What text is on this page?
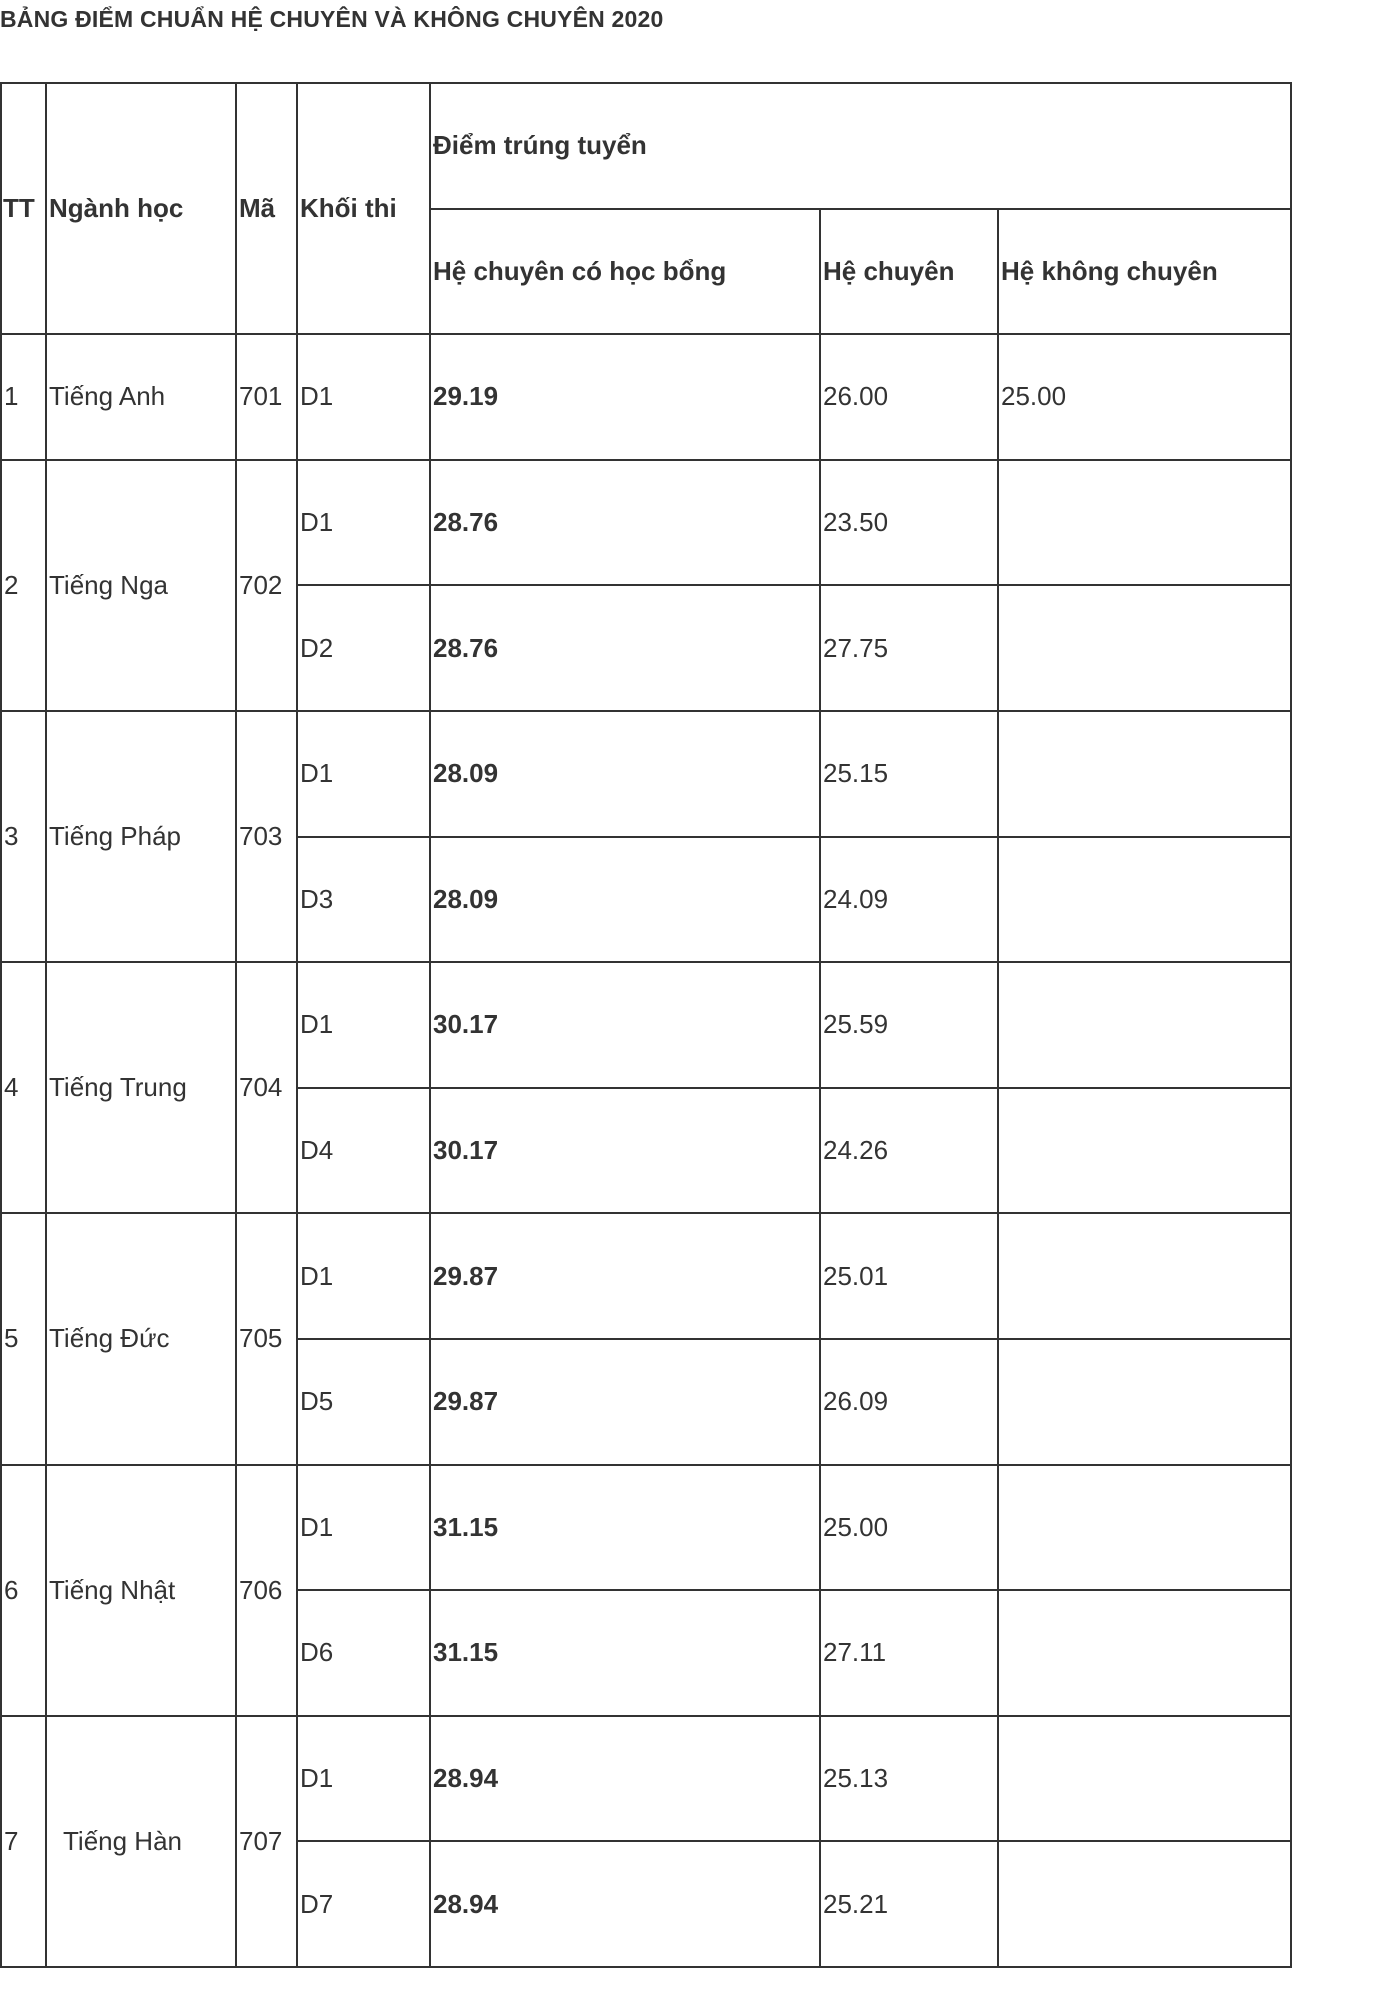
BẢNG ĐIỂM CHUẨN HỆ CHUYÊN VÀ KHÔNG CHUYÊN 2020
TT	Ngành học	Mã	Khối thi	Điểm trúng tuyển		
				Hệ chuyên có học bổng	Hệ chuyên	Hệ không chuyên
1	Tiếng Anh	701	D1	29.19	26.00	25.00
2	Tiếng Nga	702	D1	28.76	23.50	
			D2	28.76	27.75	
3	Tiếng Pháp	703	D1	28.09	25.15	
			D3	28.09	24.09	
4	Tiếng Trung	704	D1	30.17	25.59	
			D4	30.17	24.26	
5	Tiếng Đức	705	D1	29.87	25.01	
			D5	29.87	26.09	
6	Tiếng Nhật	706	D1	31.15	25.00	
			D6	31.15	27.11	
7	Tiếng Hàn	707	D1	28.94	25.13	
			D7	28.94	25.21	
